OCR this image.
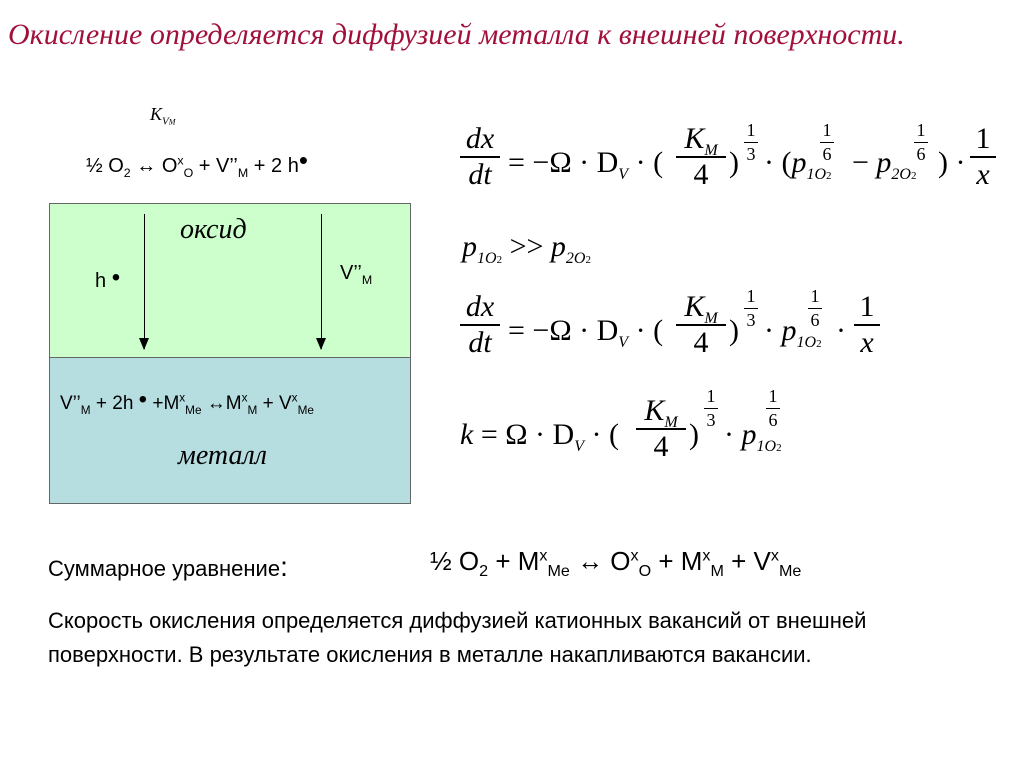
Окисление определяется диффузией металла к внешней поверхности.
$K_{VM}$
½ $O_2$ ↔ $O^x_O$ + $V’’_M + 2$ h•
оксид
h •	$V’’_M$
$V’’_M + 2h$ • $+M^x_{Me}$ $\leftrightarrow M^x_M + V^x_{Me}$
металл
Суммарное уравнение:	½ $O_2 + M^x_{Me}$ ↔ $O^x_O + M^x_M + V^x_{Me}$
Скорость окисления определяется диффузией катионных вакансий от внешней поверхности. В результате окисления в металле накапливаются вакансии.
dx
dt = $-\Omega \cdot D_V$ · (
$K_M$
4 )
1
$3 \cdot (p_{1O2}$
1
$6 - p_{2O2}$
1
6 ) ·
1
x
$p_{1O2} >> p_{2O2}$
dx
dt = $-\Omega \cdot D_V$ · (
$K_M$
4 )
1
$3 \cdot p_{1O2}$
1
6 ·
1
x
$k = \Omega \cdot D_V$ · (
$K_M$
4 )
1
$3 \cdot p_{1O2}$
1
6
